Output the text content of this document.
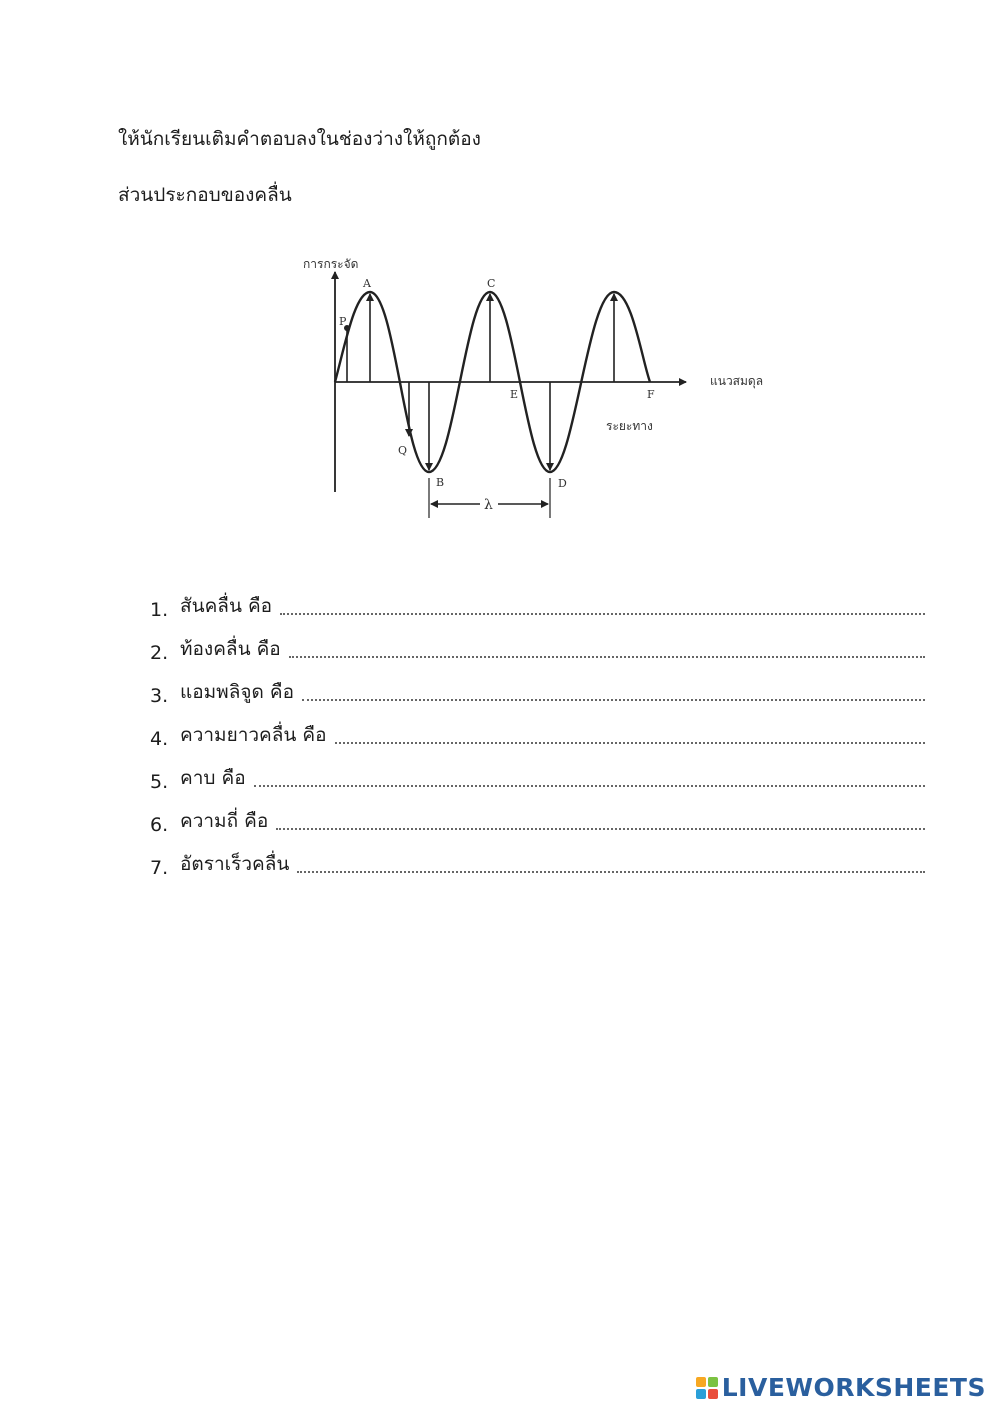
ให้นักเรียนเติมคำตอบลงในช่องว่างให้ถูกต้อง
ส่วนประกอบของคลื่น
การกระจัด
แนวสมดุล
ระยะทาง
λ
A
B
C
D
E	F
P
Q
1. สันคลื่น คือ
2. ท้องคลื่น คือ
3. แอมพลิจูด คือ
4. ความยาวคลื่น คือ
5. คาบ คือ
6. ความถี่ คือ
7. อัตราเร็วคลื่น
LIVEWORKSHEETS
